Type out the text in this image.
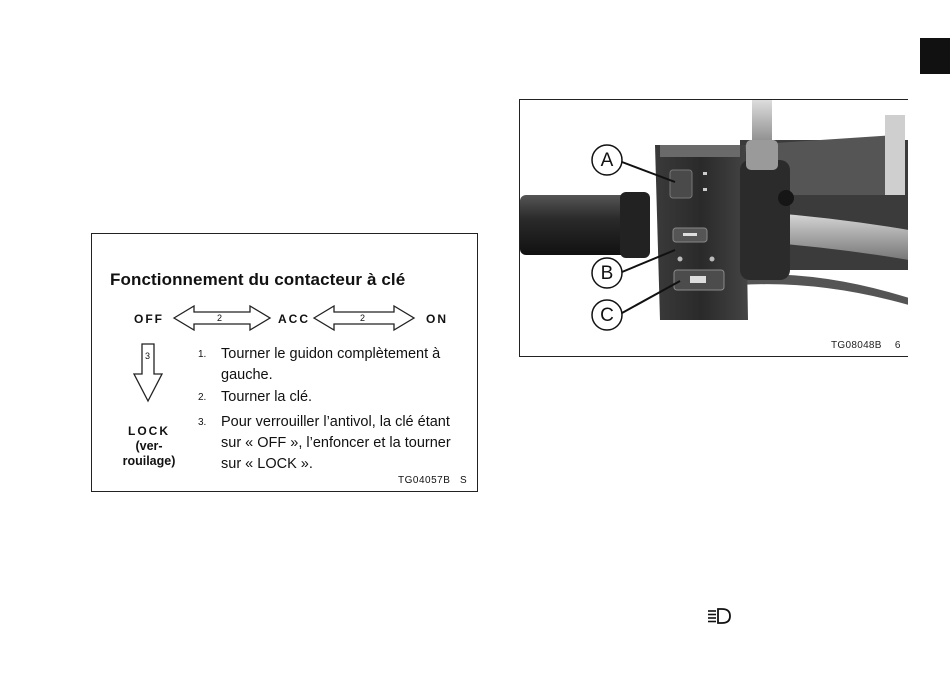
Fonctionnement du contacteur à clé
OFF	ACC	ON
2	2
3
LOCK
(ver-
rouilage)
1. Tourner le guidon complètement à gauche.
2. Tourner la clé.
3. Pour verrouiller l’antivol, la clé étant sur « OFF », l’enfoncer et la tourner sur « LOCK ».
TG04057B S
A
B
C
TG08048B 6
